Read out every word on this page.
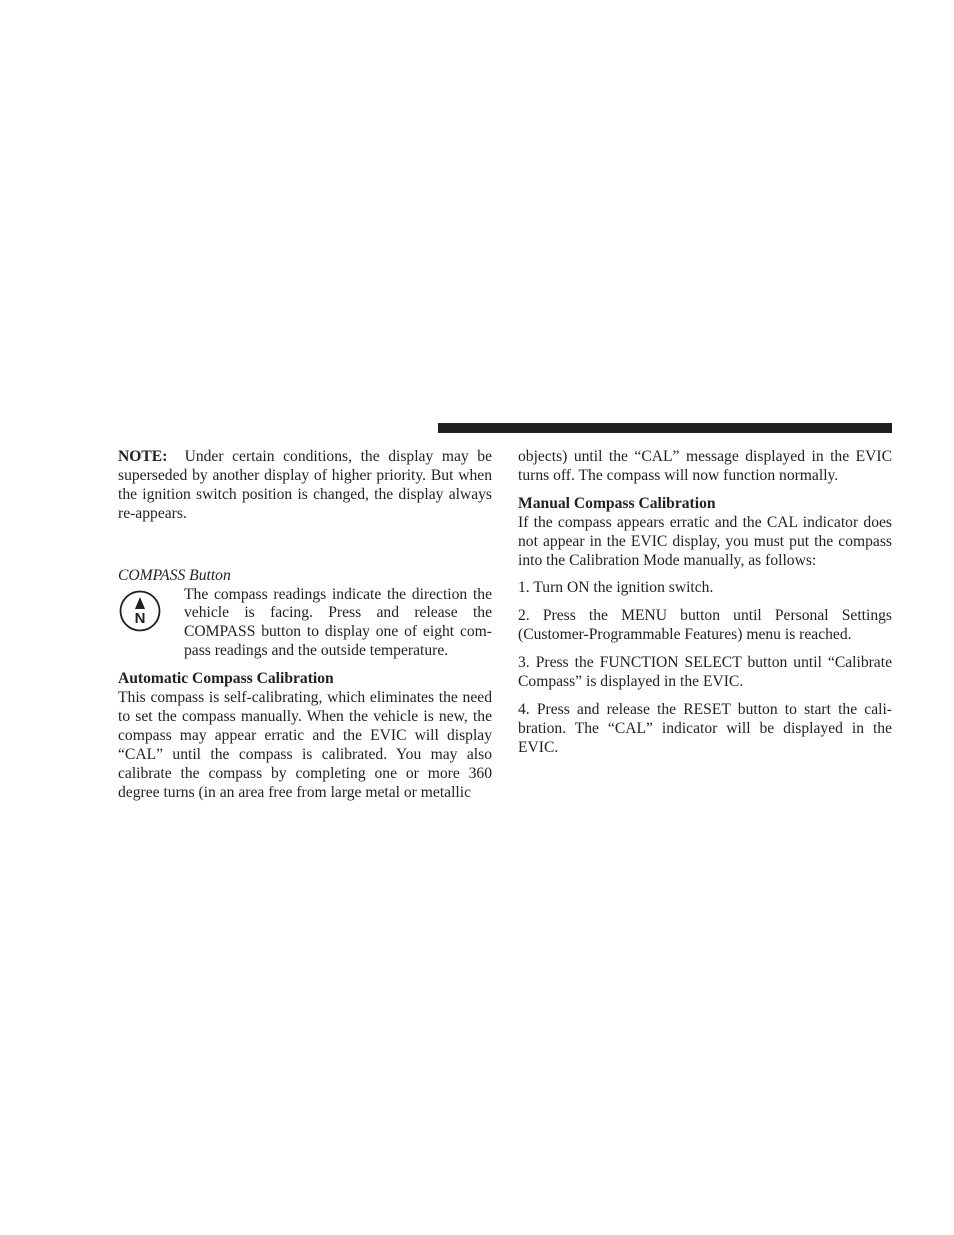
NOTE: Under certain conditions, the display may be superseded by another display of higher priority. But when the ignition switch position is changed, the display always re-appears.

COMPASS Button
N
The compass readings indicate the direction the vehicle is facing. Press and release the COMPASS button to display one of eight com-pass readings and the outside temperature.
Automatic Compass Calibration

This compass is self-calibrating, which eliminates the need to set the compass manually. When the vehicle is new, the compass may appear erratic and the EVIC will display “CAL” until the compass is calibrated. You may also calibrate the compass by completing one or more 360 degree turns (in an area free from large metal or metallic

objects) until the “CAL” message displayed in the EVIC turns off. The compass will now function normally.

Manual Compass Calibration

If the compass appears erratic and the CAL indicator does not appear in the EVIC display, you must put the compass into the Calibration Mode manually, as follows:

1. Turn ON the ignition switch.
2. Press the MENU button until Personal Settings (Customer-Programmable Features) menu is reached.
3. Press the FUNCTION SELECT button until “Calibrate Compass” is displayed in the EVIC.
4. Press and release the RESET button to start the cali-bration. The “CAL” indicator will be displayed in the EVIC.
